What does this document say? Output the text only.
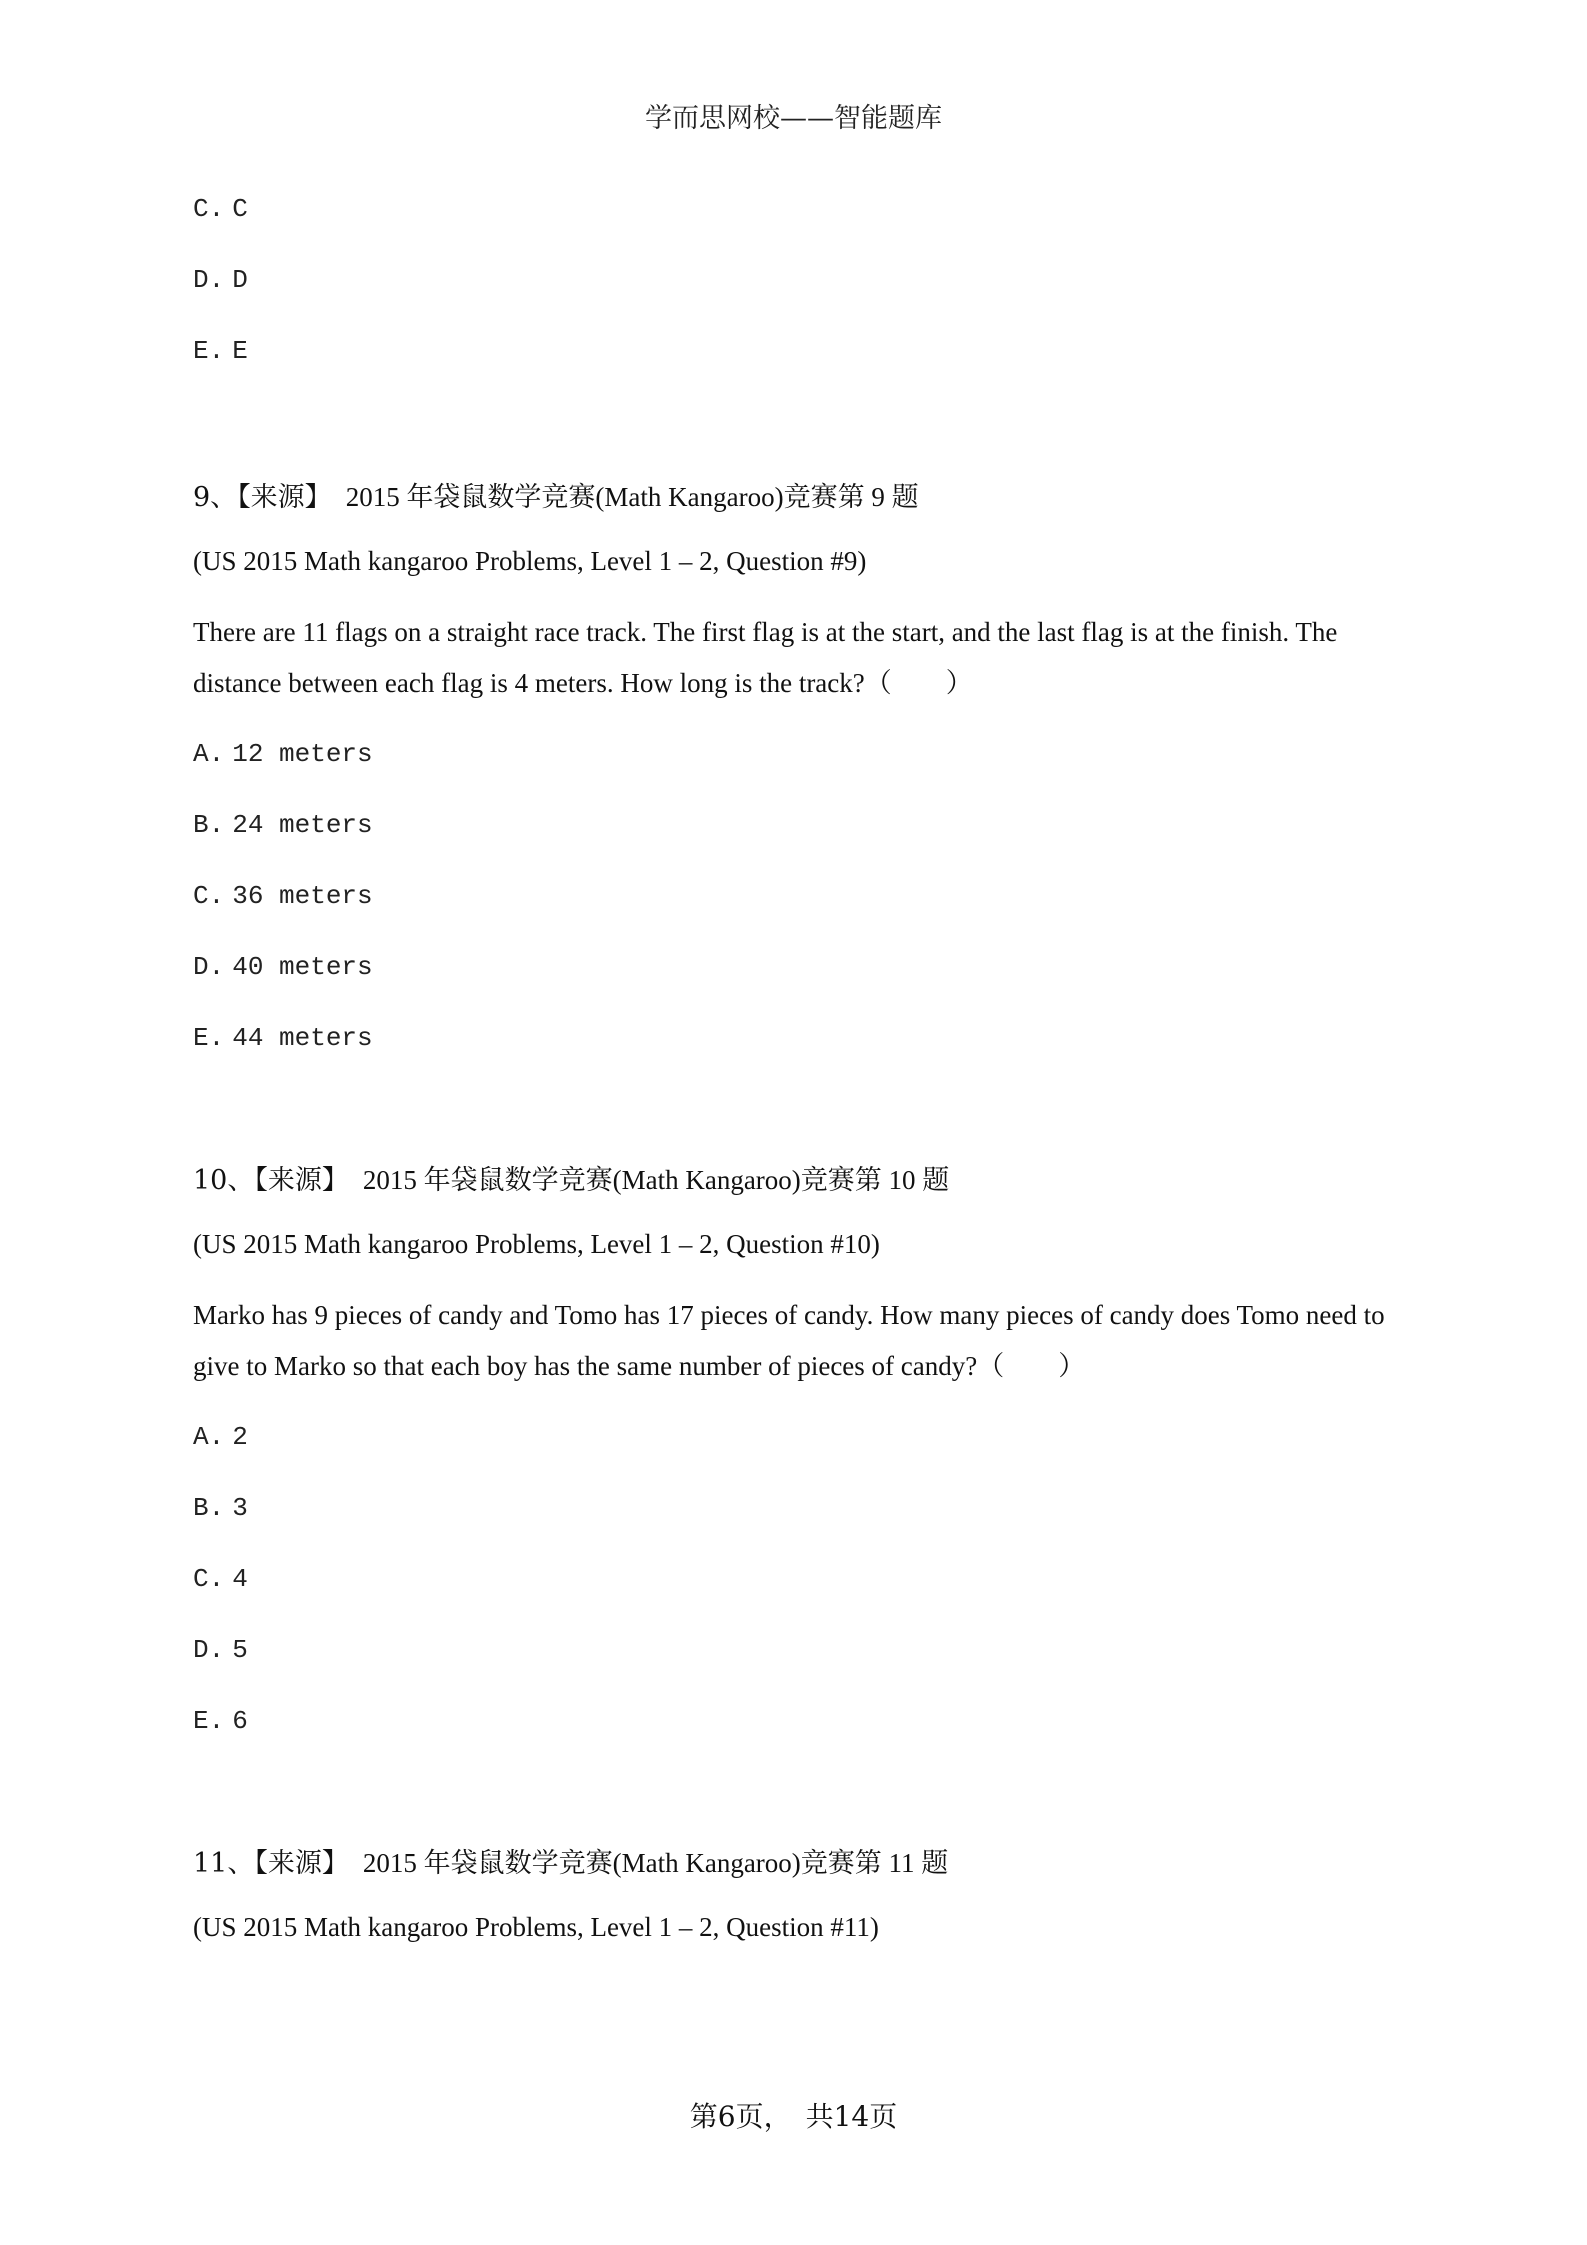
学而思网校——智能题库
C. C
D. D
E. E
9、【来源】 2015 年袋鼠数学竞赛(Math Kangaroo)竞赛第 9 题
(US 2015 Math kangaroo Problems, Level 1 – 2, Question #9)
There are 11 flags on a straight race track. The first flag is at the start, and the last flag is at the finish. The distance between each flag is 4 meters. How long is the track?（　　）
A. 12 meters
B. 24 meters
C. 36 meters
D. 40 meters
E. 44 meters
10、【来源】 2015 年袋鼠数学竞赛(Math Kangaroo)竞赛第 10 题
(US 2015 Math kangaroo Problems, Level 1 – 2, Question #10)
Marko has 9 pieces of candy and Tomo has 17 pieces of candy. How many pieces of candy does Tomo need to give to Marko so that each boy has the same number of pieces of candy?（　　）
A. 2
B. 3
C. 4
D. 5
E. 6
11、【来源】 2015 年袋鼠数学竞赛(Math Kangaroo)竞赛第 11 题
(US 2015 Math kangaroo Problems, Level 1 – 2, Question #11)
第6页，　共14页
